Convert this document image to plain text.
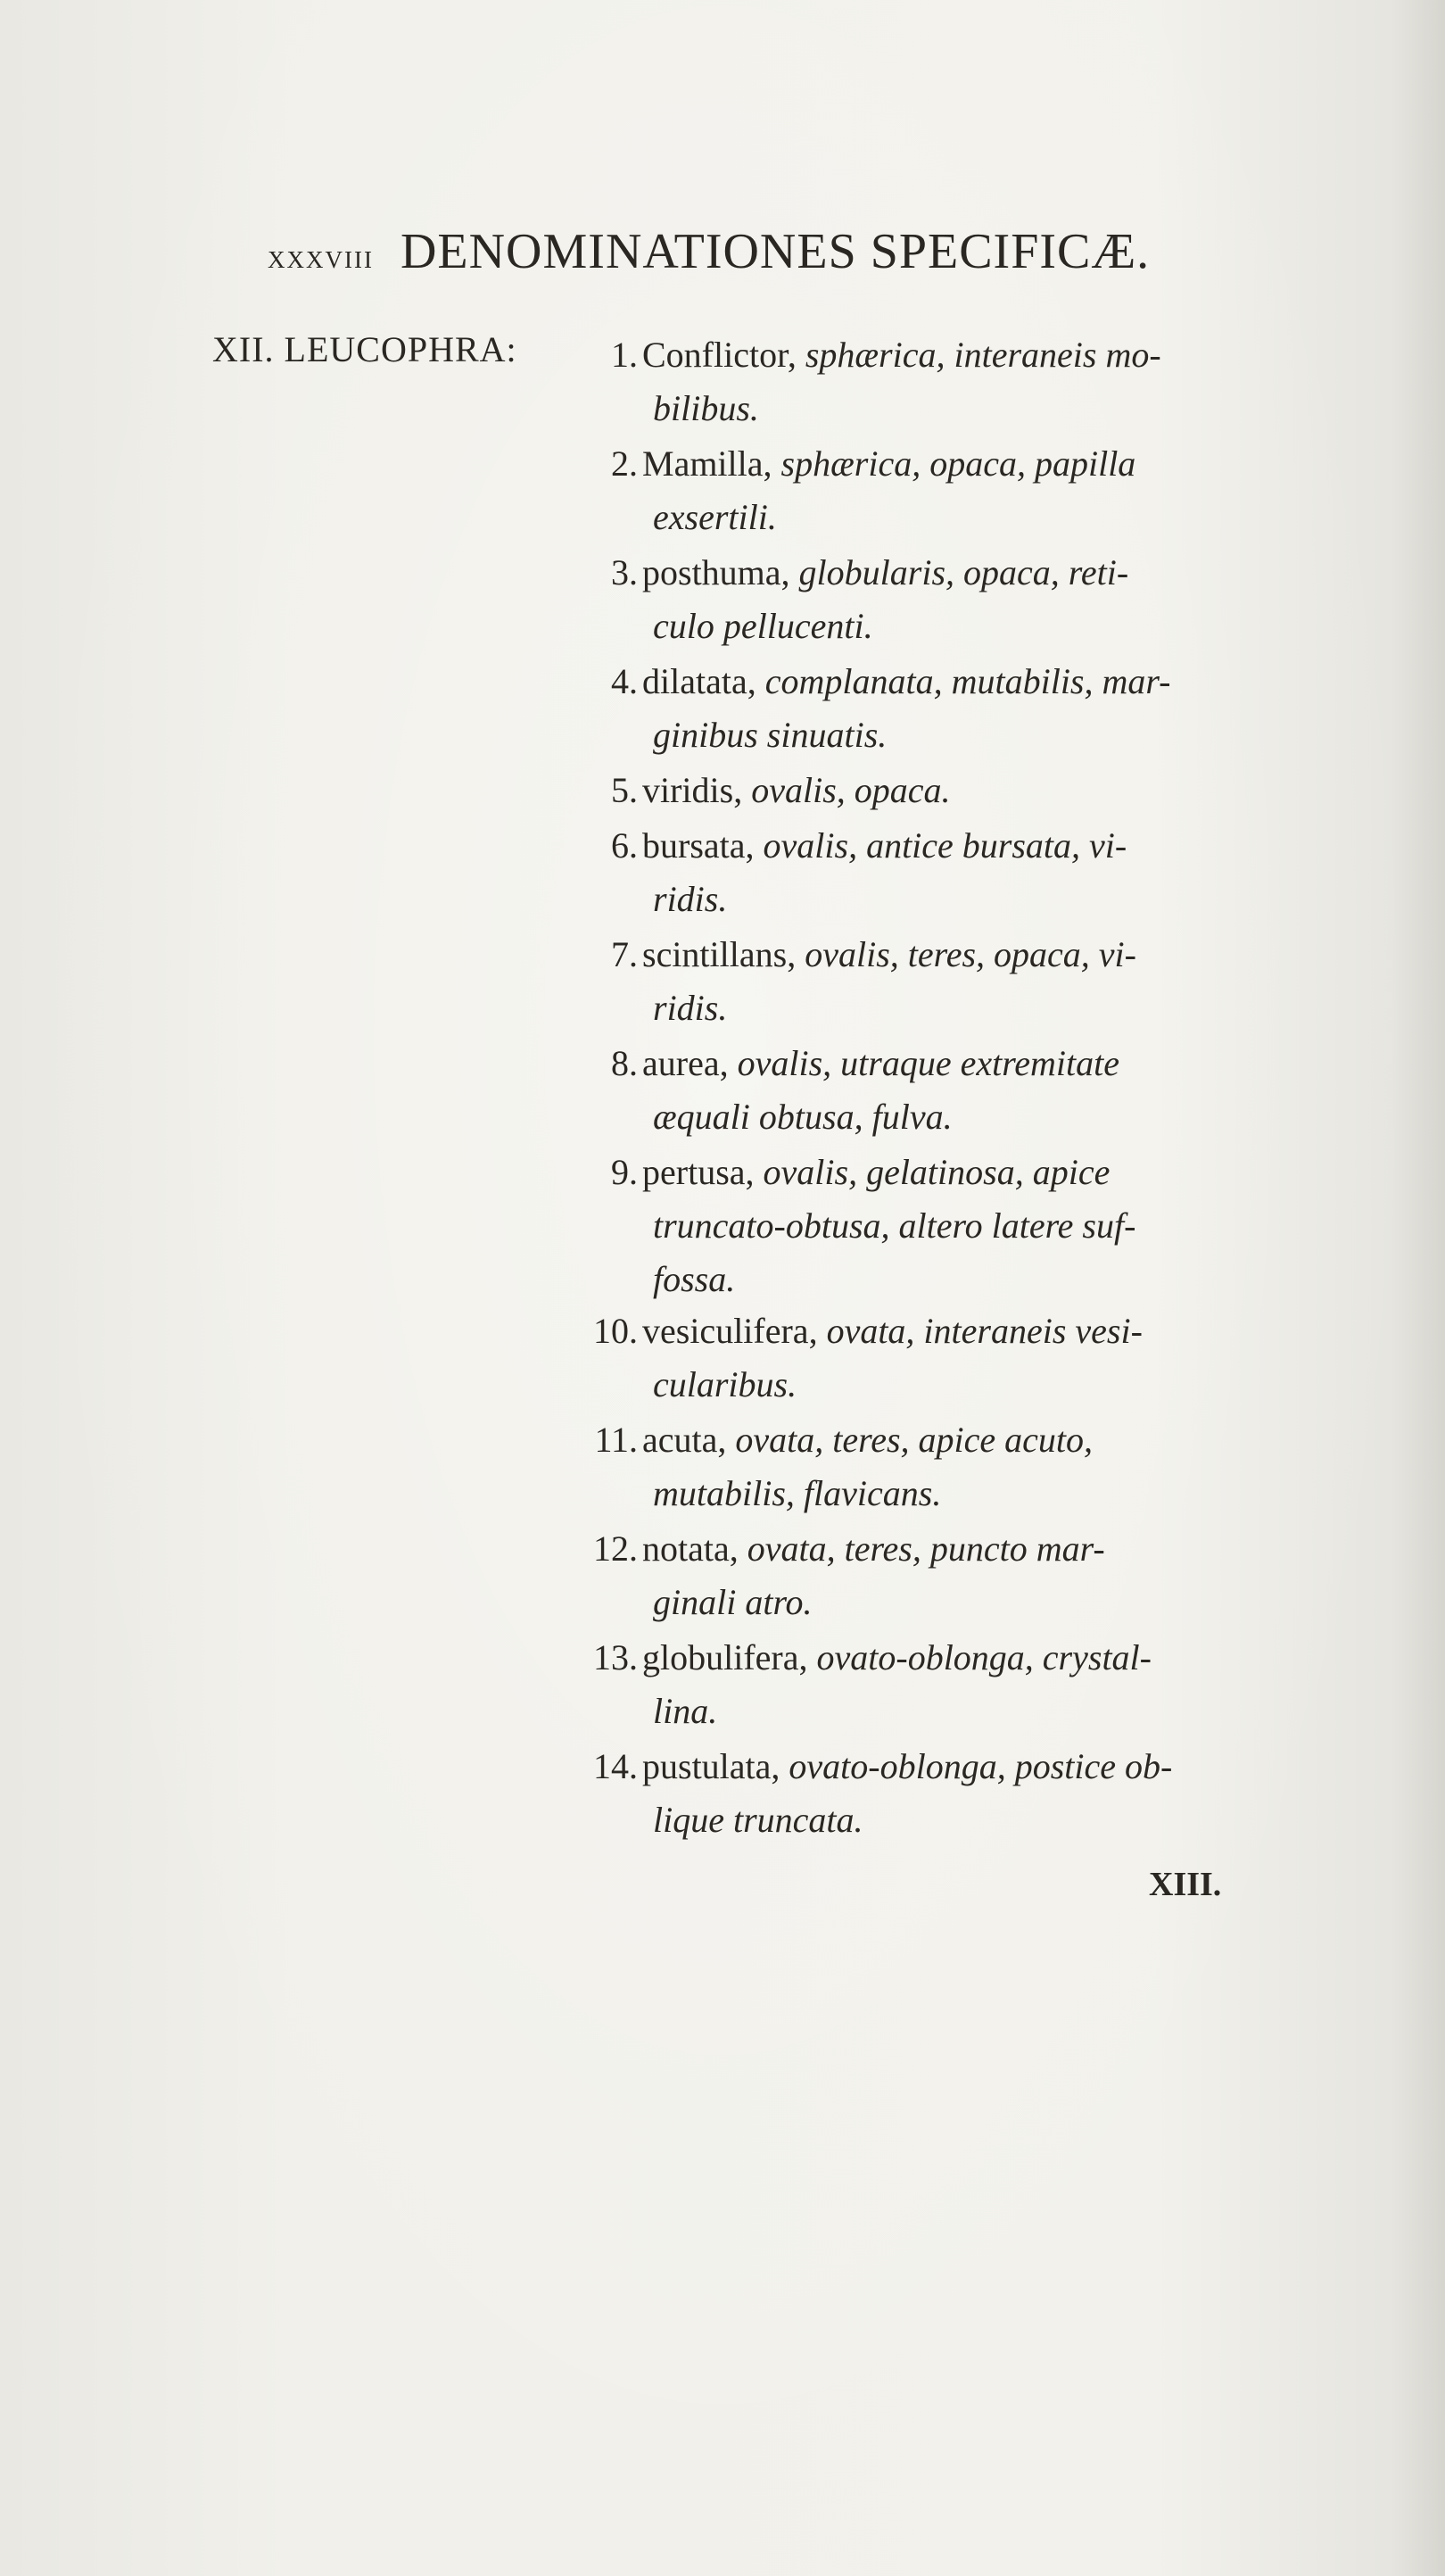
xxxviii DENOMINATIONES SPECIFICÆ.
XII. LEUCOPHRA:	1. Conflictor, sphærica, interaneis mo-
bilibus.
2. Mamilla, sphærica, opaca, papilla
exsertili.
3. posthuma, globularis, opaca, reti-
culo pellucenti.
4. dilatata, complanata, mutabilis, mar-
ginibus sinuatis.
5. viridis, ovalis, opaca.
6. bursata, ovalis, antice bursata, vi-
ridis.
7. scintillans, ovalis, teres, opaca, vi-
ridis.
8. aurea, ovalis, utraque extremitate
æquali obtusa, fulva.
9. pertusa, ovalis, gelatinosa, apice
truncato-obtusa, altero latere suf-
fossa.
10. vesiculifera, ovata, interaneis vesi-
cularibus.
11. acuta, ovata, teres, apice acuto,
mutabilis, flavicans.
12. notata, ovata, teres, puncto mar-
ginali atro.
13. globulifera, ovato-oblonga, crystal-
lina.
14. pustulata, ovato-oblonga, postice ob-
lique truncata.
XIII.
